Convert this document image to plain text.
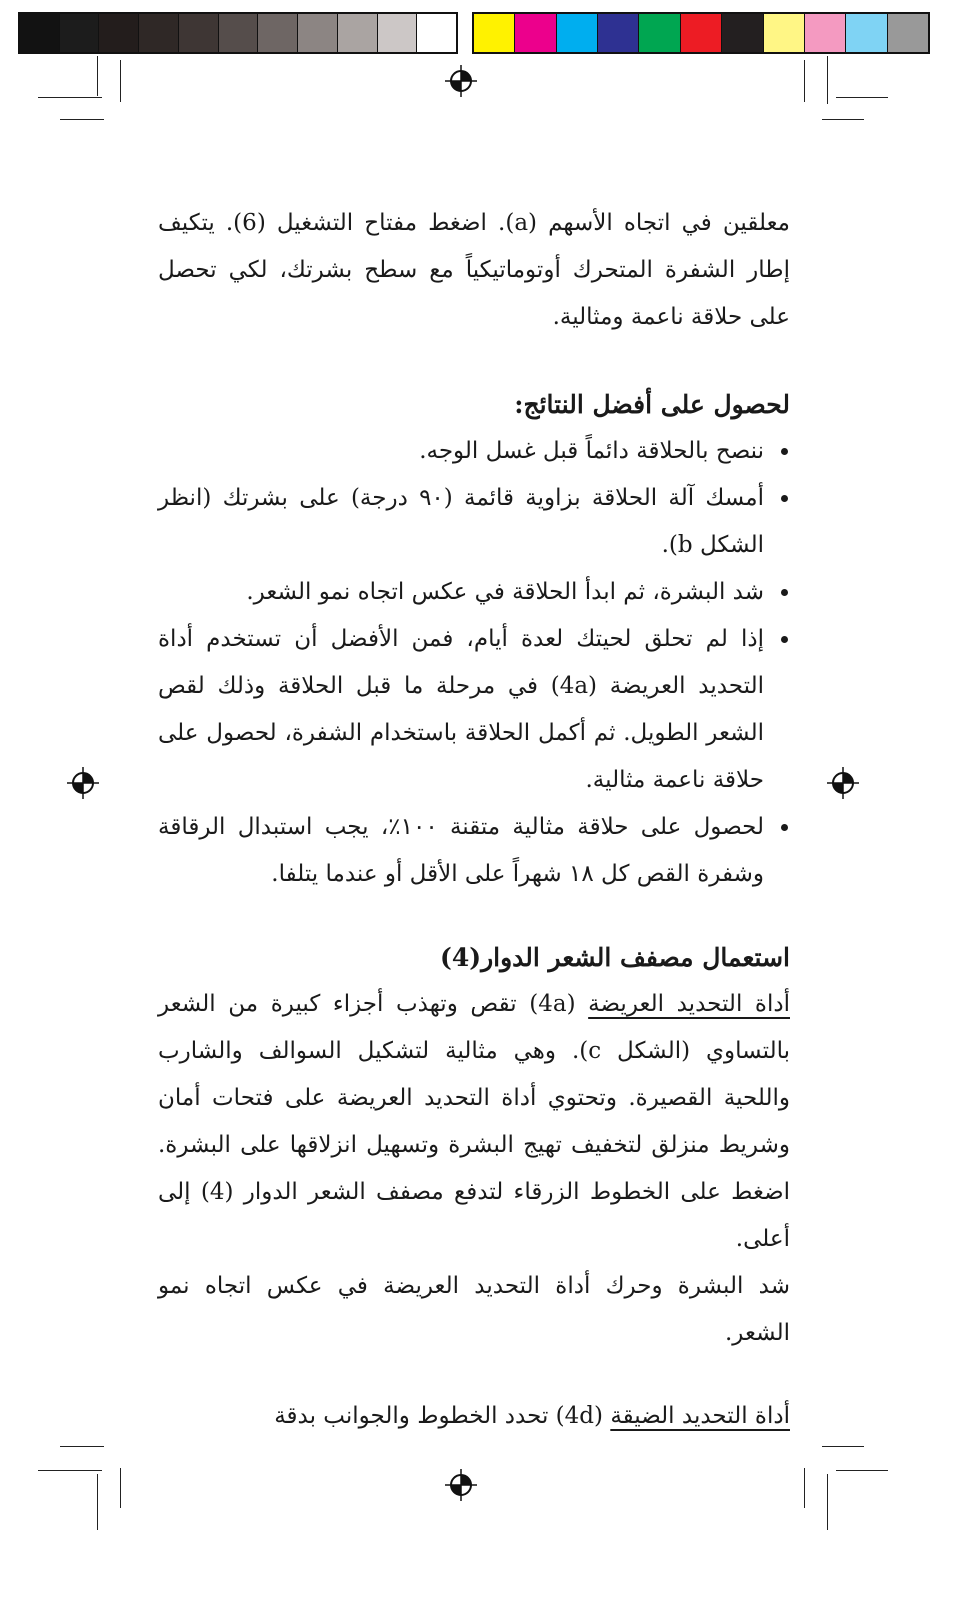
معلقين في اتجاه الأسهم (a). اضغط مفتاح التشغيل (6). يتكيف إطار الشفرة المتحرك أوتوماتيكياً مع سطح بشرتك، لكي تحصل على حلاقة ناعمة ومثالية.

لحصول على أفضل النتائج:
ننصح بالحلاقة دائماً قبل غسل الوجه.
أمسك آلة الحلاقة بزاوية قائمة (٩٠ درجة) على بشرتك (انظر الشكل b).
شد البشرة، ثم ابدأ الحلاقة في عكس اتجاه نمو الشعر.
إذا لم تحلق لحيتك لعدة أيام، فمن الأفضل أن تستخدم أداة التحديد العريضة (4a) في مرحلة ما قبل الحلاقة وذلك لقص الشعر الطويل. ثم أكمل الحلاقة باستخدام الشفرة، لحصول على حلاقة ناعمة مثالية.
لحصول على حلاقة مثالية متقنة ١٠٠٪، يجب استبدال الرقاقة وشفرة القص كل ١٨ شهراً على الأقل أو عندما يتلفا.
استعمال مصفف الشعر الدوار(4)

أداة التحديد العريضة (4a) تقص وتهذب أجزاء كبيرة من الشعر بالتساوي (الشكل c). وهي مثالية لتشكيل السوالف والشارب واللحية القصيرة. وتحتوي أداة التحديد العريضة على فتحات أمان وشريط منزلق لتخفيف تهيج البشرة وتسهيل انزلاقها على البشرة. اضغط على الخطوط الزرقاء لتدفع مصفف الشعر الدوار (4) إلى أعلى.

شد البشرة وحرك أداة التحديد العريضة في عكس اتجاه نمو الشعر.

أداة التحديد الضيقة (4d) تحدد الخطوط والجوانب بدقة
